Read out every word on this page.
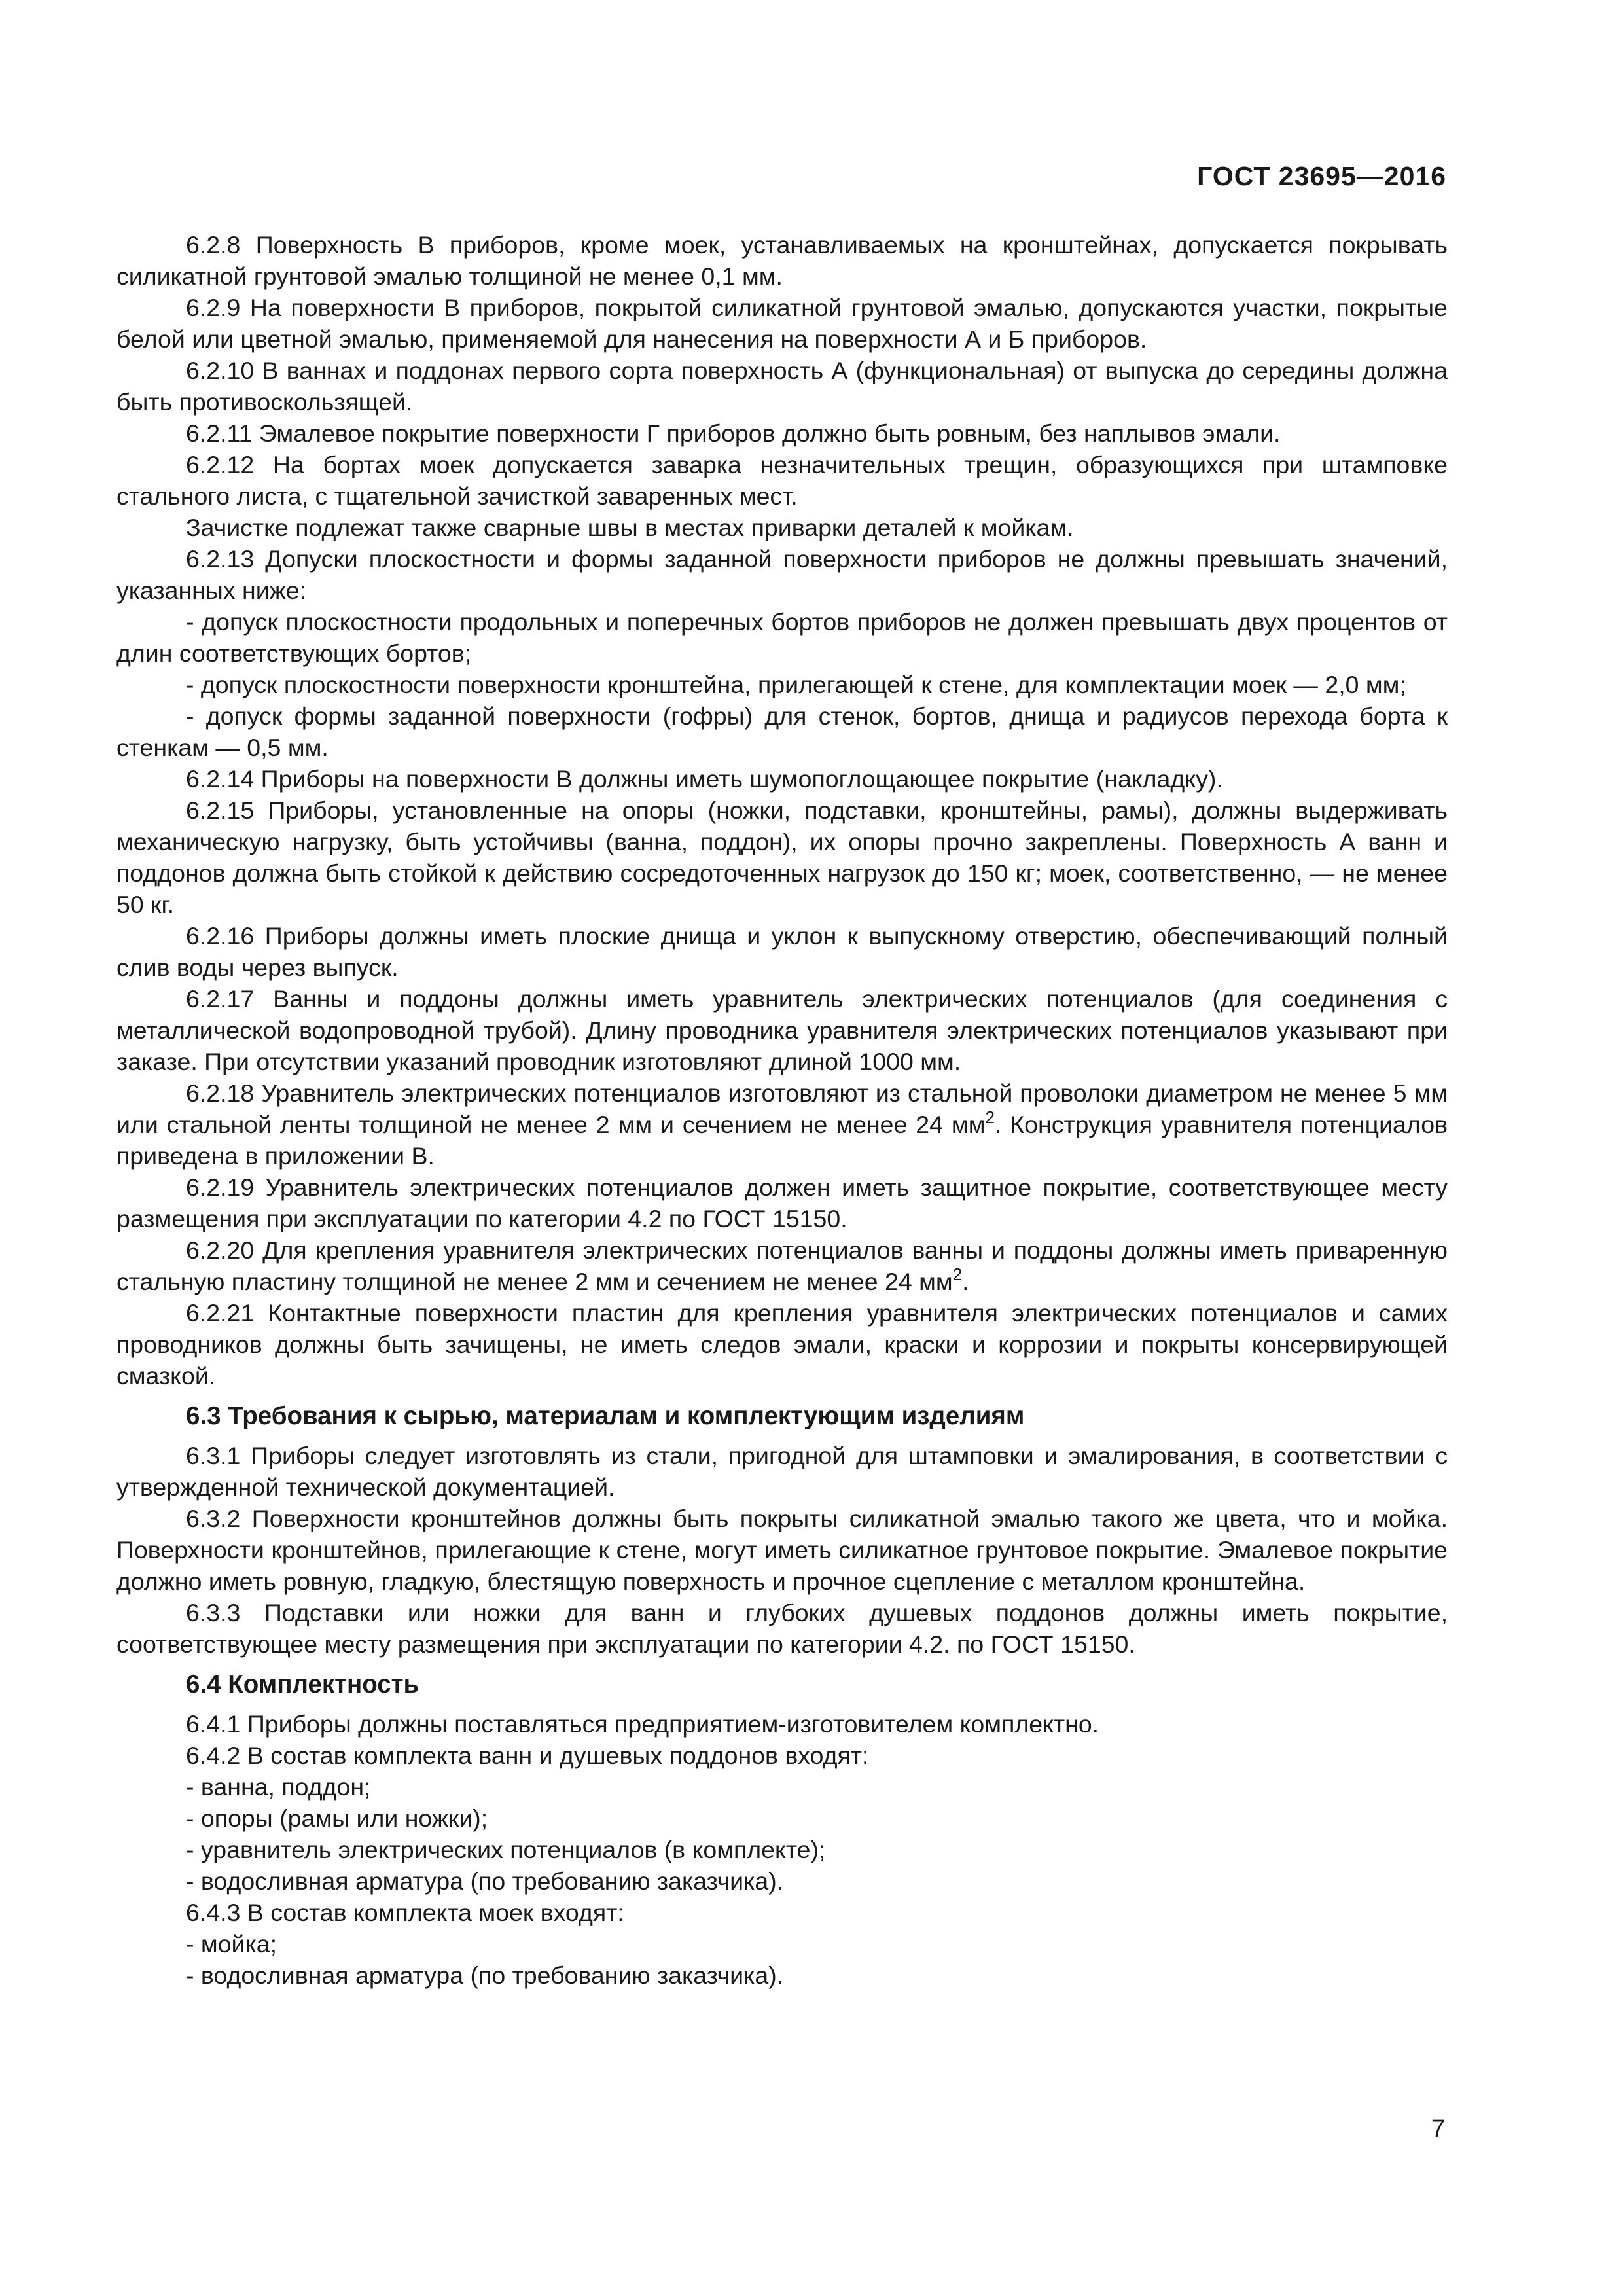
ГОСТ 23695—2016

6.2.8 Поверхность В приборов, кроме моек, устанавливаемых на кронштейнах, допускается покрывать силикатной грунтовой эмалью толщиной не менее 0,1 мм.

6.2.9 На поверхности В приборов, покрытой силикатной грунтовой эмалью, допускаются участки, покрытые белой или цветной эмалью, применяемой для нанесения на поверхности А и Б приборов.

6.2.10 В ваннах и поддонах первого сорта поверхность А (функциональная) от выпуска до середины должна быть противоскользящей.

6.2.11 Эмалевое покрытие поверхности Г приборов должно быть ровным, без наплывов эмали.

6.2.12 На бортах моек допускается заварка незначительных трещин, образующихся при штамповке стального листа, с тщательной зачисткой заваренных мест.

Зачистке подлежат также сварные швы в местах приварки деталей к мойкам.

6.2.13 Допуски плоскостности и формы заданной поверхности приборов не должны превышать значений, указанных ниже:

- допуск плоскостности продольных и поперечных бортов приборов не должен превышать двух процентов от длин соответствующих бортов;

- допуск плоскостности поверхности кронштейна, прилегающей к стене, для комплектации моек — 2,0 мм;

- допуск формы заданной поверхности (гофры) для стенок, бортов, днища и радиусов перехода борта к стенкам — 0,5 мм.

6.2.14 Приборы на поверхности В должны иметь шумопоглощающее покрытие (накладку).

6.2.15 Приборы, установленные на опоры (ножки, подставки, кронштейны, рамы), должны выдерживать механическую нагрузку, быть устойчивы (ванна, поддон), их опоры прочно закреплены. Поверхность А ванн и поддонов должна быть стойкой к действию сосредоточенных нагрузок до 150 кг; моек, соответственно, — не менее 50 кг.

6.2.16 Приборы должны иметь плоские днища и уклон к выпускному отверстию, обеспечивающий полный слив воды через выпуск.

6.2.17 Ванны и поддоны должны иметь уравнитель электрических потенциалов (для соединения с металлической водопроводной трубой). Длину проводника уравнителя электрических потенциалов указывают при заказе. При отсутствии указаний проводник изготовляют длиной 1000 мм.

6.2.18 Уравнитель электрических потенциалов изготовляют из стальной проволоки диаметром не менее 5 мм или стальной ленты толщиной не менее 2 мм и сечением не менее 24 $мм^2$. Конструкция уравнителя потенциалов приведена в приложении В.

6.2.19 Уравнитель электрических потенциалов должен иметь защитное покрытие, соответствующее месту размещения при эксплуатации по категории 4.2 по ГОСТ 15150.

6.2.20 Для крепления уравнителя электрических потенциалов ванны и поддоны должны иметь приваренную стальную пластину толщиной не менее 2 мм и сечением не менее 24 $мм^2$.

6.2.21 Контактные поверхности пластин для крепления уравнителя электрических потенциалов и самих проводников должны быть зачищены, не иметь следов эмали, краски и коррозии и покрыты консервирующей смазкой.

6.3 Требования к сырью, материалам и комплектующим изделиям

6.3.1 Приборы следует изготовлять из стали, пригодной для штамповки и эмалирования, в соответствии с утвержденной технической документацией.

6.3.2 Поверхности кронштейнов должны быть покрыты силикатной эмалью такого же цвета, что и мойка. Поверхности кронштейнов, прилегающие к стене, могут иметь силикатное грунтовое покрытие. Эмалевое покрытие должно иметь ровную, гладкую, блестящую поверхность и прочное сцепление с металлом кронштейна.

6.3.3 Подставки или ножки для ванн и глубоких душевых поддонов должны иметь покрытие, соответствующее месту размещения при эксплуатации по категории 4.2. по ГОСТ 15150.

6.4 Комплектность

6.4.1 Приборы должны поставляться предприятием-изготовителем комплектно.

6.4.2 В состав комплекта ванн и душевых поддонов входят:

- ванна, поддон;

- опоры (рамы или ножки);

- уравнитель электрических потенциалов (в комплекте);

- водосливная арматура (по требованию заказчика).

6.4.3 В состав комплекта моек входят:

- мойка;

- водосливная арматура (по требованию заказчика).

7
